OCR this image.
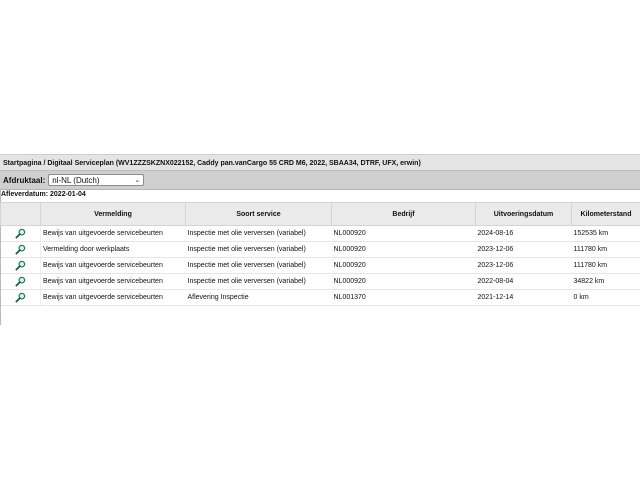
Startpagina / Digitaal Serviceplan (WV1ZZZSKZNX022152, Caddy pan.vanCargo 55 CRD M6, 2022, SBAA34, DTRF, UFX, erwin)
Afdruktaal: nl-NL (Dutch)	⌄
Afleverdatum: 2022-01-04
	Vermelding	Soort service	Bedrijf	Uitvoeringsdatum	Kilometerstand
	Bewijs van uitgevoerde servicebeurten	Inspectie met olie verversen (variabel)	NL000920	2024-08-16	152535 km
	Vermelding door werkplaats	Inspectie met olie verversen (variabel)	NL000920	2023-12-06	111780 km
	Bewijs van uitgevoerde servicebeurten	Inspectie met olie verversen (variabel)	NL000920	2023-12-06	111780 km
	Bewijs van uitgevoerde servicebeurten	Inspectie met olie verversen (variabel)	NL000920	2022-08-04	34822 km
	Bewijs van uitgevoerde servicebeurten	Aflevering Inspectie	NL001370	2021-12-14	0 km
